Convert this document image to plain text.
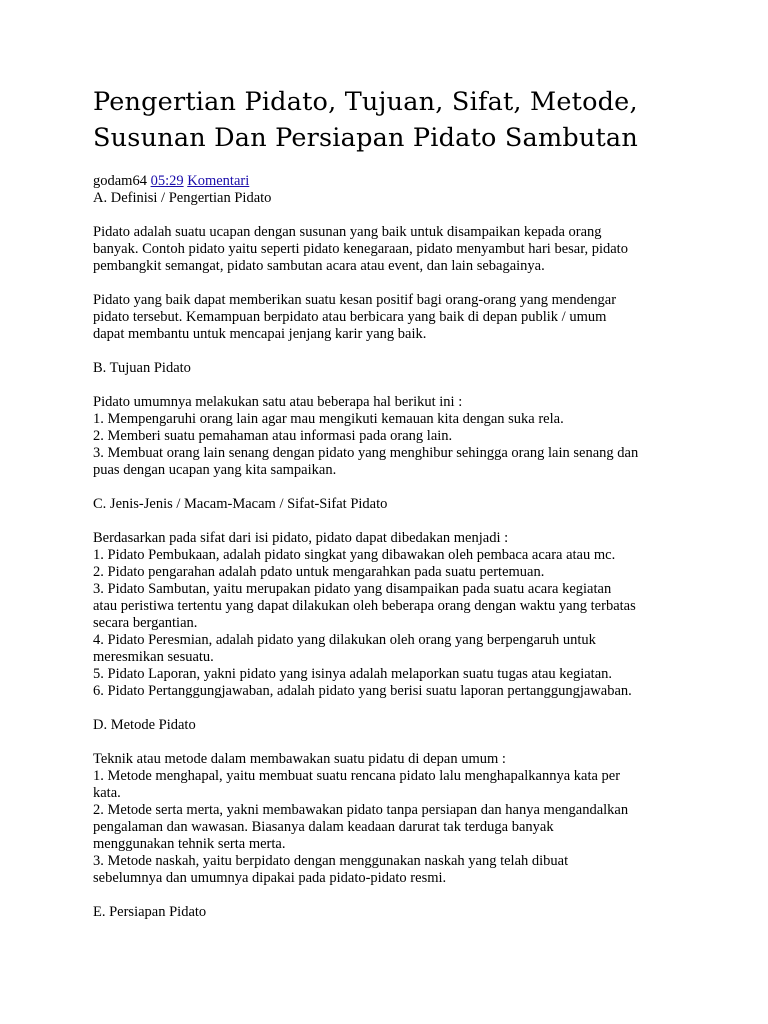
Pengertian Pidato, Tujuan, Sifat, Metode,
Susunan Dan Persiapan Pidato Sambutan
godam64 05:29 Komentari

A. Definisi / Pengertian Pidato

Pidato adalah suatu ucapan dengan susunan yang baik untuk disampaikan kepada orang

banyak. Contoh pidato yaitu seperti pidato kenegaraan, pidato menyambut hari besar, pidato

pembangkit semangat, pidato sambutan acara atau event, dan lain sebagainya.

Pidato yang baik dapat memberikan suatu kesan positif bagi orang-orang yang mendengar

pidato tersebut. Kemampuan berpidato atau berbicara yang baik di depan publik / umum

dapat membantu untuk mencapai jenjang karir yang baik.

B. Tujuan Pidato

Pidato umumnya melakukan satu atau beberapa hal berikut ini :

1. Mempengaruhi orang lain agar mau mengikuti kemauan kita dengan suka rela.

2. Memberi suatu pemahaman atau informasi pada orang lain.

3. Membuat orang lain senang dengan pidato yang menghibur sehingga orang lain senang dan

puas dengan ucapan yang kita sampaikan.

C. Jenis-Jenis / Macam-Macam / Sifat-Sifat Pidato

Berdasarkan pada sifat dari isi pidato, pidato dapat dibedakan menjadi :

1. Pidato Pembukaan, adalah pidato singkat yang dibawakan oleh pembaca acara atau mc.

2. Pidato pengarahan adalah pdato untuk mengarahkan pada suatu pertemuan.

3. Pidato Sambutan, yaitu merupakan pidato yang disampaikan pada suatu acara kegiatan

atau peristiwa tertentu yang dapat dilakukan oleh beberapa orang dengan waktu yang terbatas

secara bergantian.

4. Pidato Peresmian, adalah pidato yang dilakukan oleh orang yang berpengaruh untuk

meresmikan sesuatu.

5. Pidato Laporan, yakni pidato yang isinya adalah melaporkan suatu tugas atau kegiatan.

6. Pidato Pertanggungjawaban, adalah pidato yang berisi suatu laporan pertanggungjawaban.

D. Metode Pidato

Teknik atau metode dalam membawakan suatu pidatu di depan umum :

1. Metode menghapal, yaitu membuat suatu rencana pidato lalu menghapalkannya kata per

kata.

2. Metode serta merta, yakni membawakan pidato tanpa persiapan dan hanya mengandalkan

pengalaman dan wawasan. Biasanya dalam keadaan darurat tak terduga banyak

menggunakan tehnik serta merta.

3. Metode naskah, yaitu berpidato dengan menggunakan naskah yang telah dibuat

sebelumnya dan umumnya dipakai pada pidato-pidato resmi.

E. Persiapan Pidato
